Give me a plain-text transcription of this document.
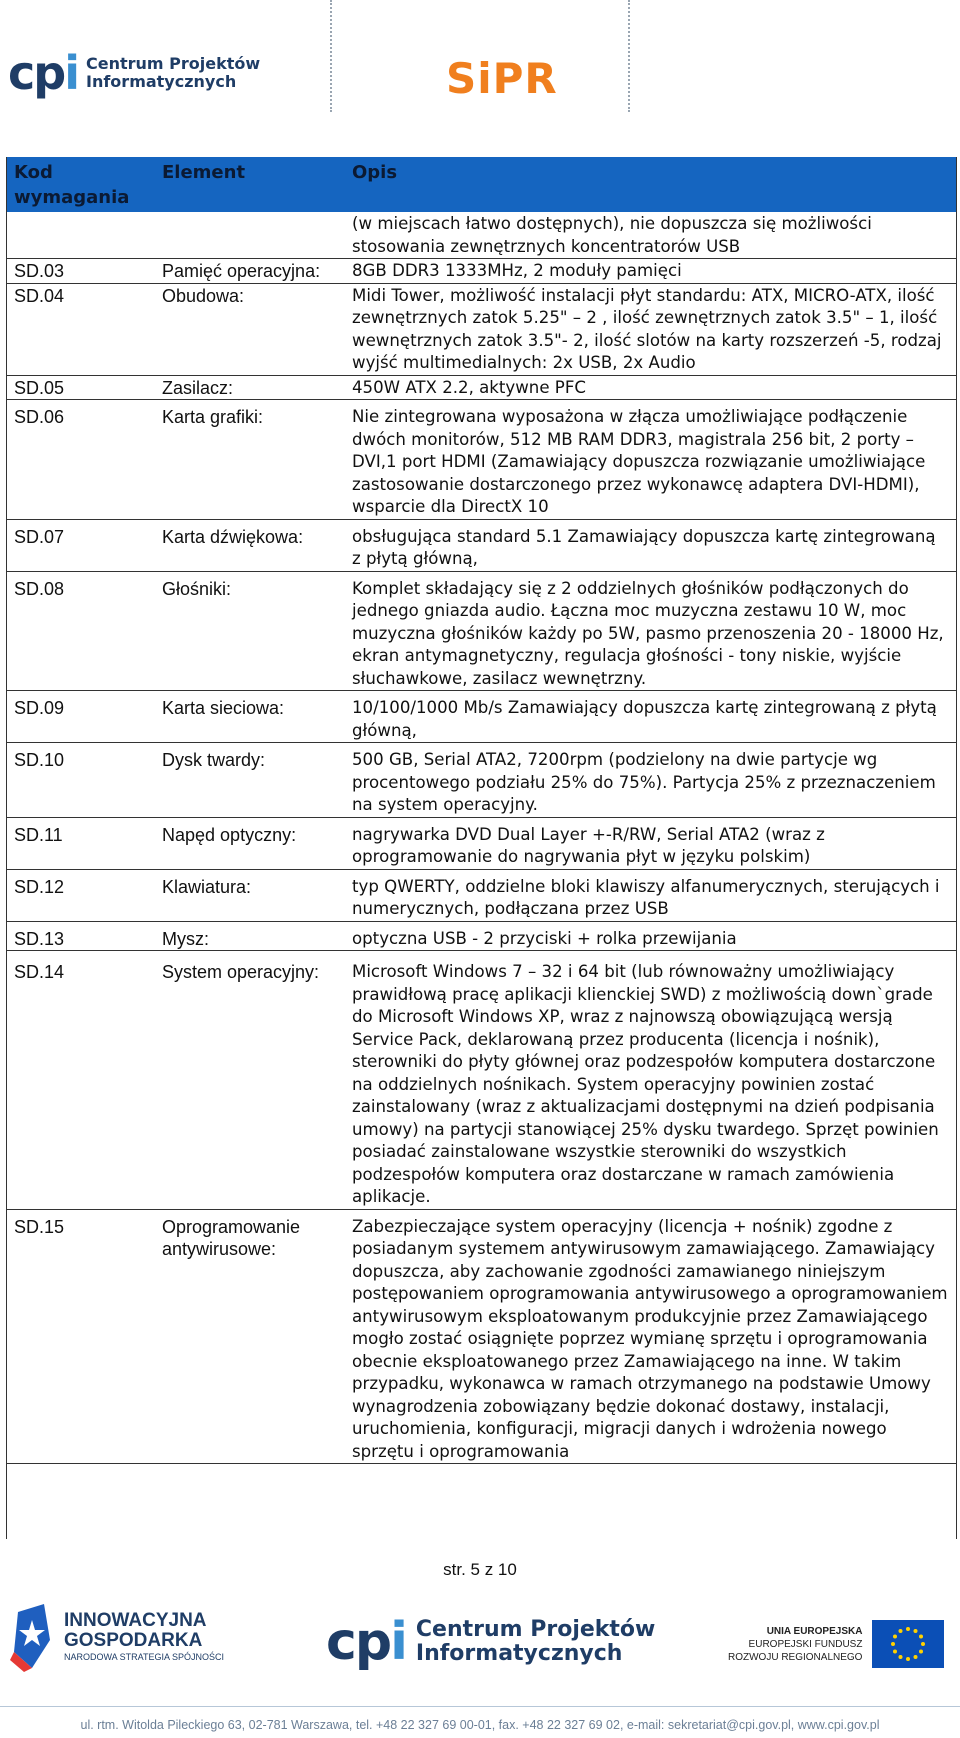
cpi Centrum Projektów
Informatycznych	SiPR
Kod wymagania	Element	Opis
		(w miejscach łatwo dostępnych), nie dopuszcza się możliwości stosowania zewnętrznych koncentratorów USB
SD.03	Pamięć operacyjna:	8GB DDR3 1333MHz, 2 moduły pamięci
SD.04	Obudowa:	Midi Tower, możliwość instalacji płyt standardu: ATX, MICRO-ATX, ilość zewnętrznych zatok 5.25" – 2 , ilość zewnętrznych zatok 3.5" – 1, ilość wewnętrznych zatok 3.5"- 2, ilość slotów na karty rozszerzeń -5, rodzaj wyjść multimedialnych: 2x USB, 2x Audio
SD.05	Zasilacz:	450W ATX 2.2, aktywne PFC
SD.06	Karta grafiki:	Nie zintegrowana wyposażona w złącza umożliwiające podłączenie dwóch monitorów, 512 MB RAM DDR3, magistrala 256 bit, 2 porty – DVI,1 port HDMI (Zamawiający dopuszcza rozwiązanie umożliwiające zastosowanie dostarczonego przez wykonawcę adaptera DVI-HDMI), wsparcie dla DirectX 10
SD.07	Karta dźwiękowa:	obsługująca standard 5.1 Zamawiający dopuszcza kartę zintegrowaną z płytą główną,
SD.08	Głośniki:	Komplet składający się z 2 oddzielnych głośników podłączonych do jednego gniazda audio. Łączna moc muzyczna zestawu 10 W, moc muzyczna głośników każdy po 5W, pasmo przenoszenia 20 - 18000 Hz, ekran antymagnetyczny, regulacja głośności - tony niskie, wyjście słuchawkowe, zasilacz wewnętrzny.
SD.09	Karta sieciowa:	10/100/1000 Mb/s Zamawiający dopuszcza kartę zintegrowaną z płytą główną,
SD.10	Dysk twardy:	500 GB, Serial ATA2, 7200rpm (podzielony na dwie partycje wg procentowego podziału 25% do 75%). Partycja 25% z przeznaczeniem na system operacyjny.
SD.11	Napęd optyczny:	nagrywarka DVD Dual Layer +-R/RW, Serial ATA2 (wraz z oprogramowanie do nagrywania płyt w języku polskim)
SD.12	Klawiatura:	typ QWERTY, oddzielne bloki klawiszy alfanumerycznych, sterujących i numerycznych, podłączana przez USB
SD.13	Mysz:	optyczna USB - 2 przyciski + rolka przewijania
SD.14	System operacyjny:	Microsoft Windows 7 – 32 i 64 bit (lub równoważny umożliwiający prawidłową pracę aplikacji klienckiej SWD) z możliwością down`grade do Microsoft Windows XP, wraz z najnowszą obowiązującą wersją Service Pack, deklarowaną przez producenta (licencja i nośnik), sterowniki do płyty głównej oraz podzespołów komputera dostarczone na oddzielnych nośnikach. System operacyjny powinien zostać zainstalowany (wraz z aktualizacjami dostępnymi na dzień podpisania umowy) na partycji stanowiącej 25% dysku twardego. Sprzęt powinien posiadać zainstalowane wszystkie sterowniki do wszystkich podzespołów komputera oraz dostarczane w ramach zamówienia aplikacje.
SD.15	Oprogramowanie antywirusowe:	Zabezpieczające system operacyjny (licencja + nośnik) zgodne z posiadanym systemem antywirusowym zamawiającego. Zamawiający dopuszcza, aby zachowanie zgodności zamawianego niniejszym postępowaniem oprogramowania antywirusowego a oprogramowaniem antywirusowym eksploatowanym produkcyjnie przez Zamawiającego mogło zostać osiągnięte poprzez wymianę sprzętu i oprogramowania obecnie eksploatowanego przez Zamawiającego na inne. W takim przypadku, wykonawca w ramach otrzymanego na podstawie Umowy wynagrodzenia zobowiązany będzie dokonać dostawy, instalacji, uruchomienia, konfiguracji, migracji danych i wdrożenia nowego sprzętu i oprogramowania
str. 5 z 10
INNOWACYJNA
GOSPODARKA
NARODOWA STRATEGIA SPÓJNOŚCI cpi Centrum Projektów
Informatycznych
UNIA EUROPEJSKA
EUROPEJSKI FUNDUSZ
ROZWOJU REGIONALNEGO
ul. rtm. Witolda Pileckiego 63, 02-781 Warszawa, tel. +48 22 327 69 00-01, fax. +48 22 327 69 02, e-mail: sekretariat@cpi.gov.pl, www.cpi.gov.pl
